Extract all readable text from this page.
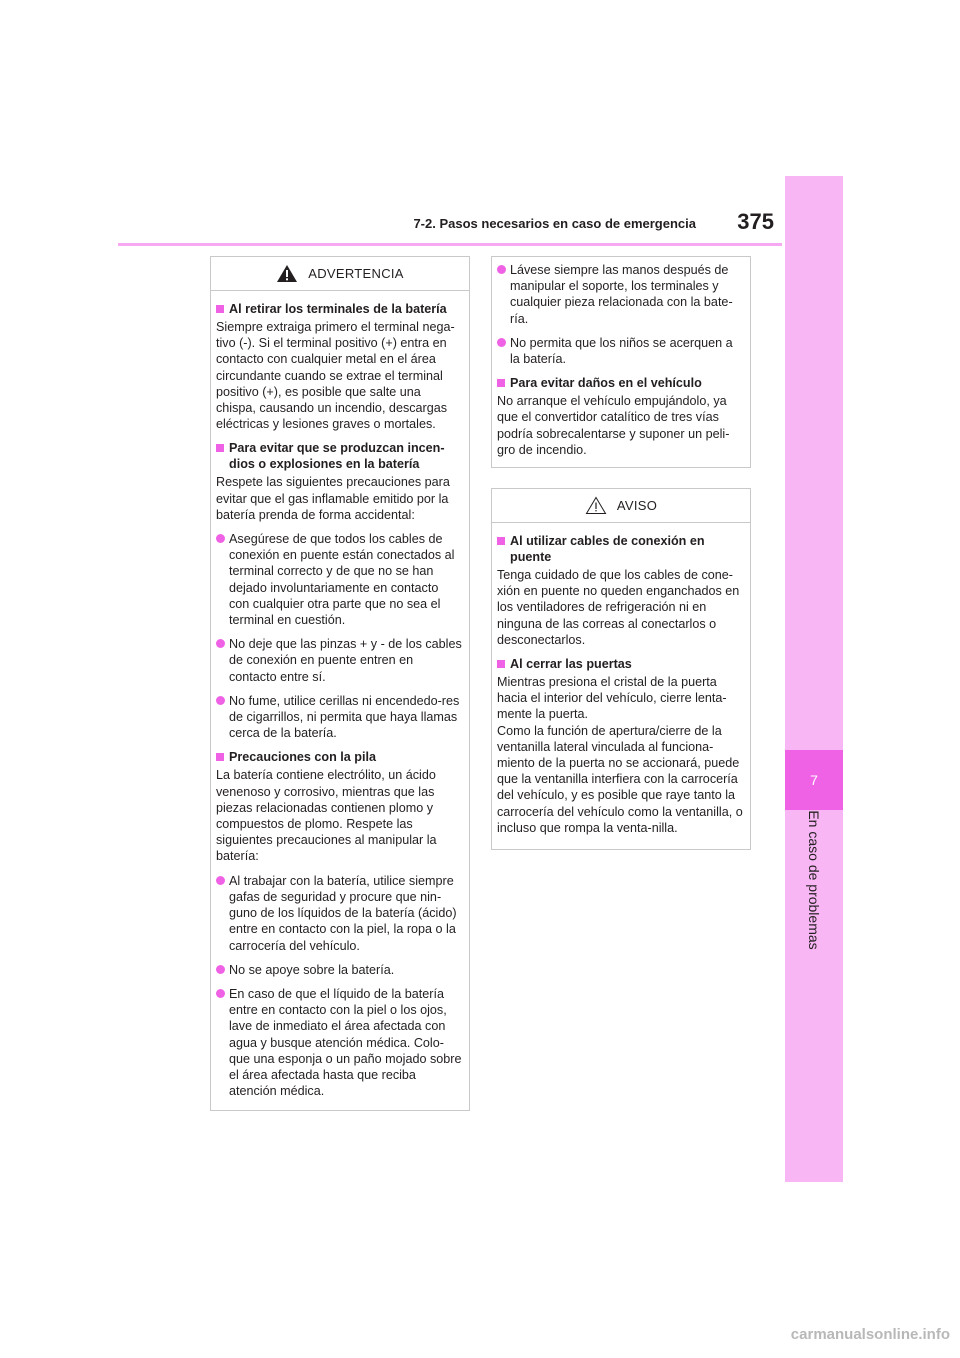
7-2. Pasos necesarios en caso de emergencia	375
7
En caso de problemas
ADVERTENCIA
Al retirar los terminales de la batería
Siempre extraiga primero el terminal nega-tivo (-). Si el terminal positivo (+) entra en contacto con cualquier metal en el área circundante cuando se extrae el terminal positivo (+), es posible que salte una chispa, causando un incendio, descargas eléctricas y lesiones graves o mortales.
Para evitar que se produzcan incen-dios o explosiones en la batería
Respete las siguientes precauciones para evitar que el gas inflamable emitido por la batería prenda de forma accidental:
Asegúrese de que todos los cables de conexión en puente están conectados al terminal correcto y de que no se han dejado involuntariamente en contacto con cualquier otra parte que no sea el terminal en cuestión.
No deje que las pinzas + y - de los cables de conexión en puente entren en contacto entre sí.
No fume, utilice cerillas ni encendedo-res de cigarrillos, ni permita que haya llamas cerca de la batería.
Precauciones con la pila
La batería contiene electrólito, un ácido venenoso y corrosivo, mientras que las piezas relacionadas contienen plomo y compuestos de plomo. Respete las siguientes precauciones al manipular la batería:
Al trabajar con la batería, utilice siempre gafas de seguridad y procure que nin-guno de los líquidos de la batería (ácido) entre en contacto con la piel, la ropa o la carrocería del vehículo.
No se apoye sobre la batería.
En caso de que el líquido de la batería entre en contacto con la piel o los ojos, lave de inmediato el área afectada con agua y busque atención médica. Colo-que una esponja o un paño mojado sobre el área afectada hasta que reciba atención médica.
Lávese siempre las manos después de manipular el soporte, los terminales y cualquier pieza relacionada con la bate-ría.
No permita que los niños se acerquen a la batería.
Para evitar daños en el vehículo
No arranque el vehículo empujándolo, ya que el convertidor catalítico de tres vías podría sobrecalentarse y suponer un peli-gro de incendio.
AVISO
Al utilizar cables de conexión en puente
Tenga cuidado de que los cables de cone-xión en puente no queden enganchados en los ventiladores de refrigeración ni en ninguna de las correas al conectarlos o desconectarlos.
Al cerrar las puertas
Mientras presiona el cristal de la puerta hacia el interior del vehículo, cierre lenta-mente la puerta.
Como la función de apertura/cierre de la ventanilla lateral vinculada al funciona-miento de la puerta no se accionará, puede que la ventanilla interfiera con la carrocería del vehículo, y es posible que raye tanto la carrocería del vehículo como la ventanilla, o incluso que rompa la venta-nilla.
carmanualsonline.info
